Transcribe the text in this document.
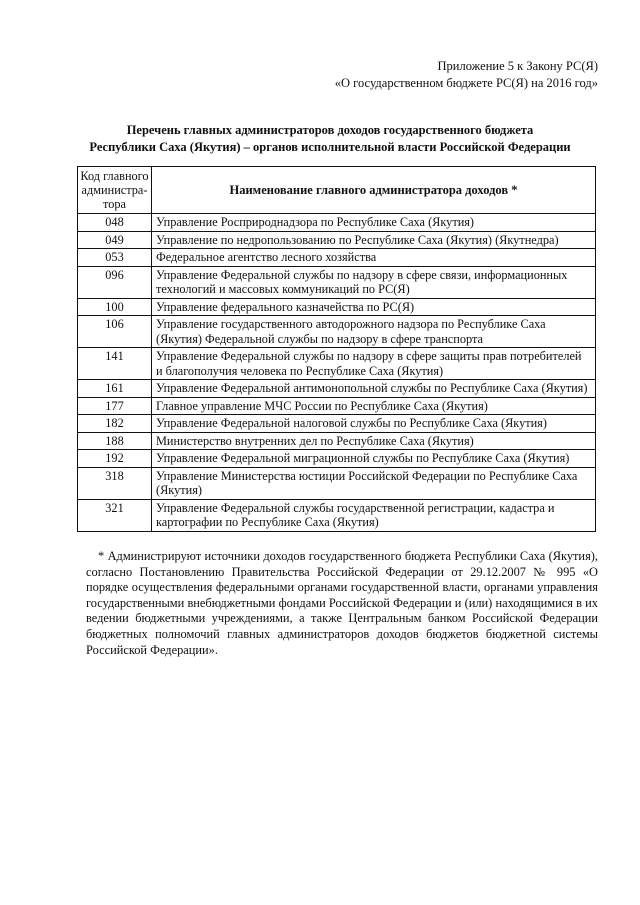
Приложение 5 к Закону РС(Я)
«О государственном бюджете РС(Я) на 2016 год»
Перечень главных администраторов доходов государственного бюджета
Республики Саха (Якутия) – органов исполнительной власти Российской Федерации
Код главного администра-тора	Наименование главного администратора доходов *
048	Управление Росприроднадзора по Республике Саха (Якутия)
049	Управление по недропользованию по Республике Саха (Якутия) (Якутнедра)
053	Федеральное агентство лесного хозяйства
096	Управление Федеральной службы по надзору в сфере связи, информационных технологий и массовых коммуникаций по РС(Я)
100	Управление федерального казначейства по РС(Я)
106	Управление государственного автодорожного надзора по Республике Саха (Якутия) Федеральной службы по надзору в сфере транспорта
141	Управление Федеральной службы по надзору в сфере защиты прав потребителей и благополучия человека по Республике Саха (Якутия)
161	Управление Федеральной антимонопольной службы по Республике Саха (Якутия)
177	Главное управление МЧС России по Республике Саха (Якутия)
182	Управление Федеральной налоговой службы по Республике Саха (Якутия)
188	Министерство внутренних дел по Республике Саха (Якутия)
192	Управление Федеральной миграционной службы по Республике Саха (Якутия)
318	Управление Министерства юстиции Российской Федерации по Республике Саха (Якутия)
321	Управление Федеральной службы государственной регистрации, кадастра и картографии по Республике Саха (Якутия)
* Администрируют источники доходов государственного бюджета Республики Саха (Якутия), согласно Постановлению Правительства Российской Федерации от 29.12.2007 № 995 «О порядке осуществления федеральными органами государственной власти, органами управления государственными внебюджетными фондами Российской Федерации и (или) находящимися в их ведении бюджетными учреждениями, а также Центральным банком Российской Федерации бюджетных полномочий главных администраторов доходов бюджетов бюджетной системы Российской Федерации».
